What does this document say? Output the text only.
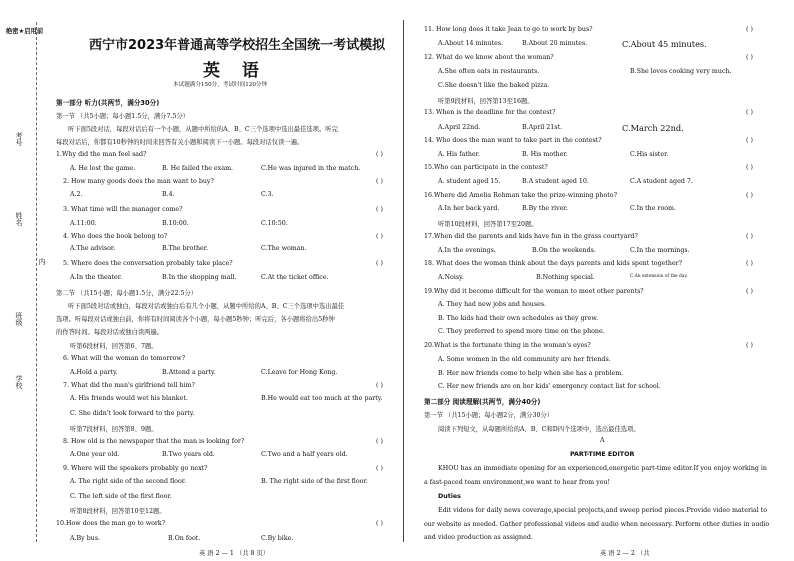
绝密★启用前
考号
姓名
内
班级
学校
西宁市2023年普通高等学校招生全国统一考试模拟
英 语
本试题满分150分，考试时间120分钟
第一部分 听力(共两节，满分30分)
第一节 （共5小题；每小题1.5分，满分7.5分）
听下面5段对话，每段对话后有一个小题，从题中所给的A、B、C三个选项中选出最佳选项。听完
每段对话后，你都有10秒钟的时间来回答有关小题和阅读下一小题。每段对话仅读一遍。
1.Why did the man feel sad?	( )
A. He lost the game.	B. He failed the exam.	C.He was injured in the match.
2. How many goods does the man want to buy?	( )
A.2.	B.4.	C.3.
3. What time will the manager come?	( )
A.11:00.	B.10:00.	C.10:50.
4. Who does the book belong to?	( )
A.The advisor.	B.The brother.	C.The woman.
5. Where does the conversation probably take place?	( )
A.In the theater.	B.In the shopping mall.	C.At the ticket office.
第二节 （共15小题；每小题1.5分，满分22.5分）
听下面5段对话或独白，每段对话或独白后有几个小题，从题中所给的A、B、C三个选项中选出最佳
选项。听每段对话或独白前，你将有时间阅读各个小题，每小题5秒钟；听完后，各小题将给出5秒钟
的作答时间。每段对话或独白读两遍。
听第6段材料，回答第6、7题。
6. What will the woman do tomorrow?
A.Hold a party.	B.Attend a party.	C.Leave for Hong Kong.
7. What did the man's girlfriend tell him?	( )
A. His friends would wet his blanket.	B.He would eat too much at the party.
C. She didn't look forward to the party.
听第7段材料，回答第8、9题。
8. How old is the newspaper that the man is looking for?	( )
A.One year old.	B.Two years old.	C.Two and a half years old.
9. Where will the speakers probably go next?	( )
A. The right side of the second floor.	B. The right side of the first floor.
C. The left side of the first floor.
听第8段材料，回答第10至12题。
10.How does the man go to work?	( )
A.By bus.	B.On foot.	C.By bike.
英 语 2 — 1 （共 8 页）
11. How long does it take Jean to go to work by bus?	( )
A.About 14 minutes.	B.About 20 minutes.	C.About 45 minutes.
12. What do we know about the woman?	( )
A.She often eats in restaurants.	B.She loves cooking very much.
C.She doesn't like the baked pizza.
听第9段材料，回答第13至16题。
13. When is the deadline for the contest?	( )
A.April 22nd.	B.April 21st.	C.March 22nd.
14. Who does the man want to take part in the contest?	( )
A. His father.	B. His mother.	C.His sister.
15.Who can participate in the contest?	( )
A. student aged 15.	B.A student aged 10.	C.A student aged 7.
16.Where did Amelia Rehman take the prize-winning photo?	( )
A.In her back yard.	B.By the river.	C.In the room.
听第10段材料，回答第17至20题。
17.When did the parents and kids have fun in the grass courtyard?	( )
A.In the evenings.	B.On the weekends.	C.In the mornings.
18. What does the woman think about the days parents and kids spent together?	( )
A.Noisy.	B.Nothing special.	C.An extension of the day.
19.Why did it become difficult for the woman to meet other parents?	( )
A. They had new jobs and houses.
B. The kids had their own schedules as they grew.
C. They preferred to spend more time on the phone.
20.What is the fortunate thing in the woman's eyes?	( )
A. Some women in the old community are her friends.
B. Her new friends come to help when she has a problem.
C. Her new friends are on her kids' emergency contact list for school.
第二部分 阅读理解(共两节，满分40分)
第一节 （共15小题；每小题2分，满分30分）
阅读下列短文，从每题所给的A、B、C和D四个选项中，选出最佳选项。
A
PART-TIME EDITOR
KHOU has an immediate opening for an experienced,energetic part-time editor.If you enjoy working in
a fast-paced team environment,we want to hear from you!
Duties
Edit videos for daily news coverage,special projects,and sweep period pieces.Provide video material to
our website as needed. Gather professional videos and audio when necessary. Perform other duties in audio
and video production as assigned.
英 语 2 — 2 （共
